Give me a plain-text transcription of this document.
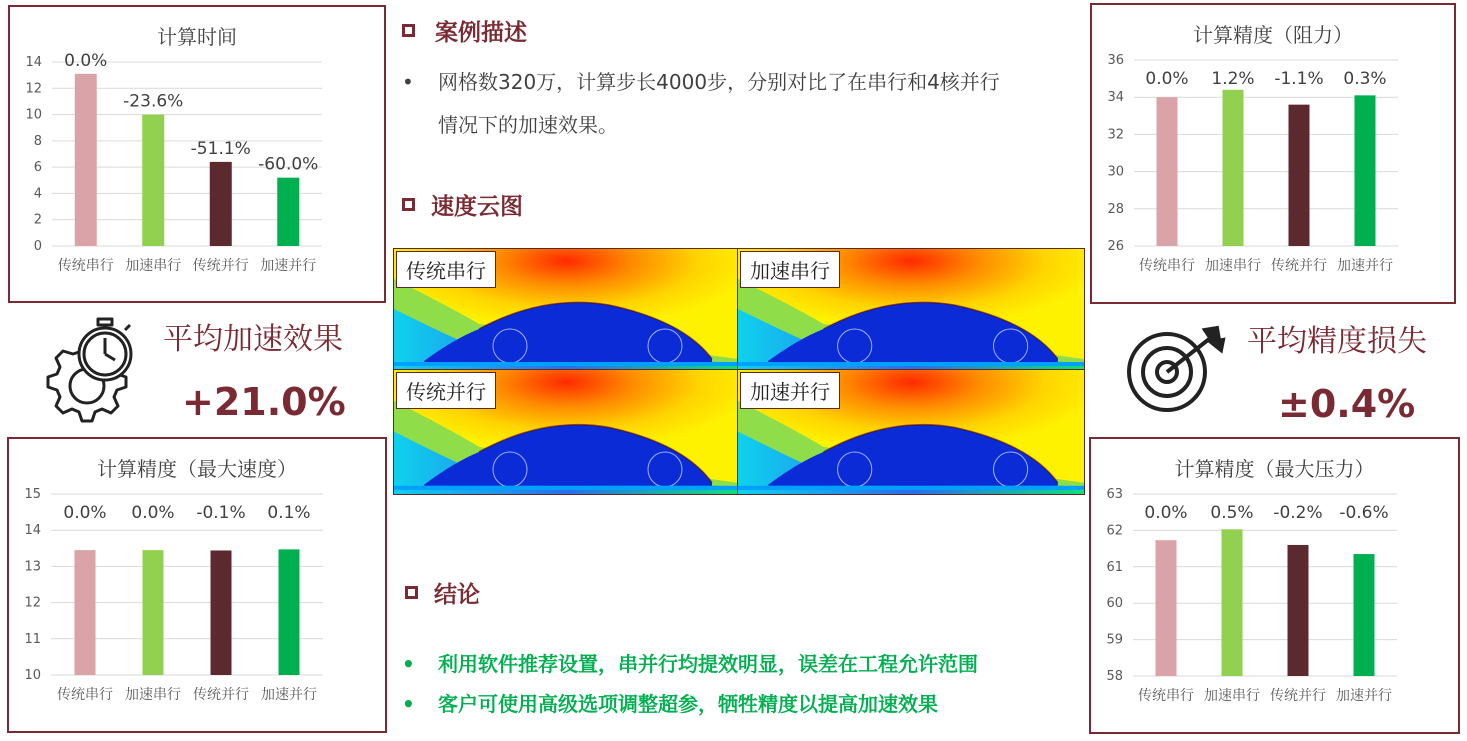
0
2
4
6
8
10
12
14
传统串行 加速串行 传统并行 加速并行
0.0%
-23.6%
-51.1%
-60.0%
计算时间
26
28
30
32
34
36
传统串行 加速串行 传统并行 加速并行
0.0% 1.2% -1.1% 0.3%
计算精度（阻力）
10
11
12
13
14
15
传统串行 加速串行 传统并行 加速并行
0.0% 0.0% -0.1% 0.1%
计算精度（最大速度）
58
59
60
61
62
63
传统串行 加速串行 传统并行 加速并行
0.0% 0.5% -0.2% -0.6%
计算精度（最大压力）
平均加速效果
+21.0%
平均精度损失
±0.4%
案例描述
• 网格数320万，计算步长4000步，分别对比了在串行和4核并行
情况下的加速效果。
速度云图
传统串行	加速串行
传统并行	加速并行
结论
• 利用软件推荐设置，串并行均提效明显，误差在工程允许范围
• 客户可使用高级选项调整超参，牺牲精度以提高加速效果
